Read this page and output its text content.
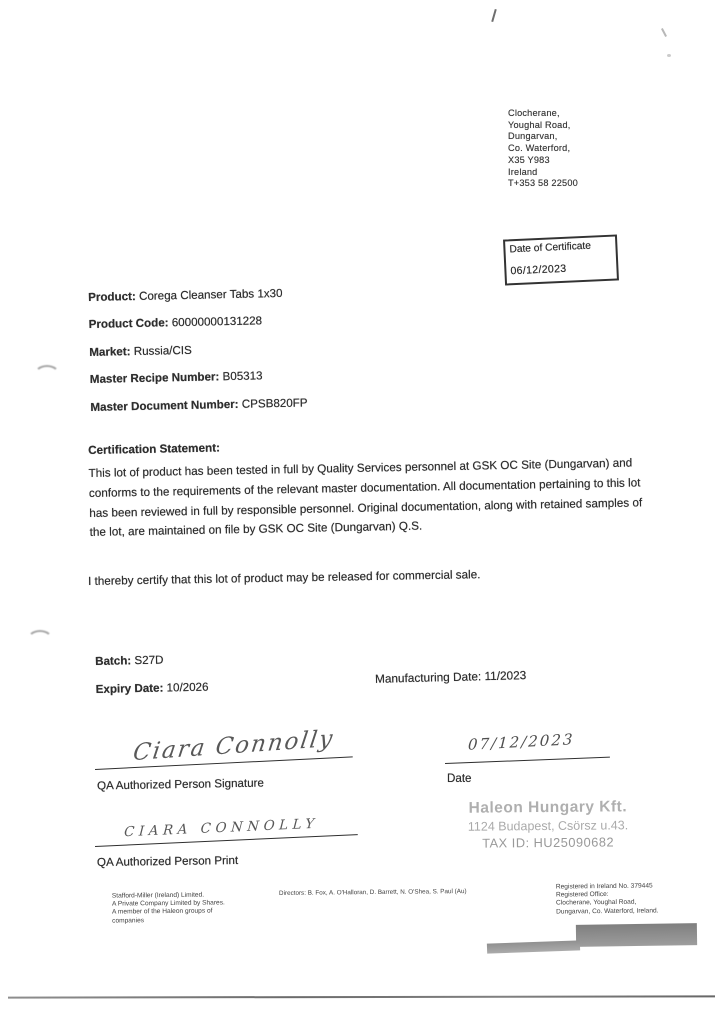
Clocherane,
Youghal Road,
Dungarvan,
Co. Waterford,
X35 Y983
Ireland
T+353 58 22500
Date of Certificate
06/12/2023
Product: Corega Cleanser Tabs 1x30
Product Code: 60000000131228
Market: Russia/CIS
Master Recipe Number: B05313
Master Document Number: CPSB820FP
Certification Statement:

This lot of product has been tested in full by Quality Services personnel at GSK OC Site (Dungarvan) and conforms to the requirements of the relevant master documentation. All documentation pertaining to this lot has been reviewed in full by responsible personnel. Original documentation, along with retained samples of the lot, are maintained on file by GSK OC Site (Dungarvan) Q.S.

I thereby certify that this lot of product may be released for commercial sale.
Batch: S27D
Expiry Date: 10/2026
Manufacturing Date: 11/2023
Ciara Connolly
QA Authorized Person Signature
07/12/2023
Date
CIARA CONNOLLY
QA Authorized Person Print
Haleon Hungary Kft.
1124 Budapest, Csörsz u.43.
TAX ID: HU25090682
Stafford-Miller (Ireland) Limited.
A Private Company Limited by Shares.
A member of the Haleon groups of
companies
Directors: B. Fox, A. O'Halloran, D. Barrett, N. O'Shea, S. Paul (Au)
Registered in Ireland No. 379445
Registered Office:
Clocherane, Youghal Road,
Dungarvan, Co. Waterford, Ireland.
